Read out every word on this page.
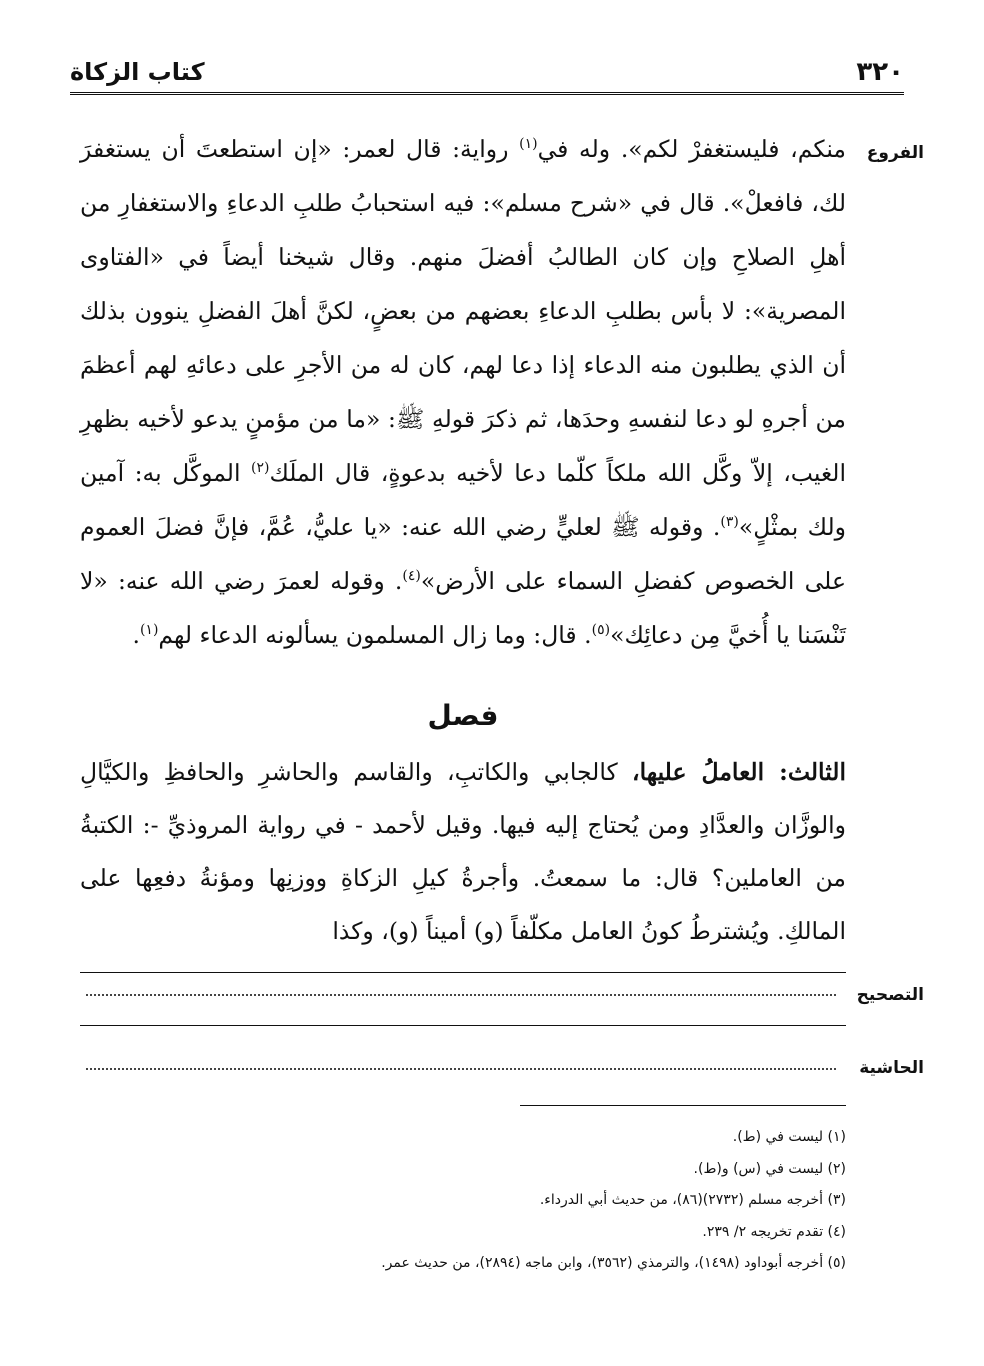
٣٢٠
كتاب الزكاة
الفروع

منكم، فليستغفرْ لكم». وله في$^{(١)}$ رواية: قال لعمر: «إن استطعتَ أن يستغفرَ لك، فافعلْ». قال في «شرح مسلم»: فيه استحبابُ طلبِ الدعاءِ والاستغفارِ من أهلِ الصلاحِ وإن كان الطالبُ أفضلَ منهم. وقال شيخنا أيضاً في «الفتاوى المصرية»: لا بأس بطلبِ الدعاءِ بعضهم من بعضٍ، لكنَّ أهلَ الفضلِ ينوون بذلك أن الذي يطلبون منه الدعاء إذا دعا لهم، كان له من الأجرِ على دعائهِ لهم أعظمَ من أجرهِ لو دعا لنفسهِ وحدَها، ثم ذكرَ قولهِ ﷺ: «ما من مؤمنٍ يدعو لأخيه بظهرِ الغيب، إلاّ وكَّل الله ملكاً كلّما دعا لأخيه بدعوةٍ، قال الملَك$^{(٢)}$ الموكَّل به: آمين ولك بمثْلٍ»$^{(٣)}$. وقوله ﷺ لعليٍّ رضي الله عنه: «يا عليُّ، عُمَّ، فإنَّ فضلَ العموم على الخصوص كفضلِ السماء على الأرض»$^{(٤)}$. وقوله لعمرَ رضي الله عنه: «لا تَنْسَنا يا أُخيَّ مِن دعائِك»$^{(٥)}$. قال: وما زال المسلمون يسألونه الدعاء لهم$^{(١)}$.

فصل

الثالث: العاملُ عليها، كالجابي والكاتبِ، والقاسم والحاشرِ والحافظِ والكيَّالِ والوزَّان والعدَّادِ ومن يُحتاج إليه فيها. وقيل لأحمد - في رواية المروذيِّ -: الكتبةُ من العاملين؟ قال: ما سمعتُ. وأجرةُ كيلِ الزكاةِ ووزنِها ومؤنةُ دفعِها على المالكِ. ويُشترطُ كونُ العامل مكلّفاً (و) أميناً (و)، وكذا

التصحيح
الحاشية
(١) ليست في (ط).
(٢) ليست في (س) و(ط).
(٣) أخرجه مسلم (٢٧٣٢)(٨٦)، من حديث أبي الدرداء.
(٤) تقدم تخريجه ٢/ ٢٣٩.
(٥) أخرجه أبوداود (١٤٩٨)، والترمذي (٣٥٦٢)، وابن ماجه (٢٨٩٤)، من حديث عمر.
